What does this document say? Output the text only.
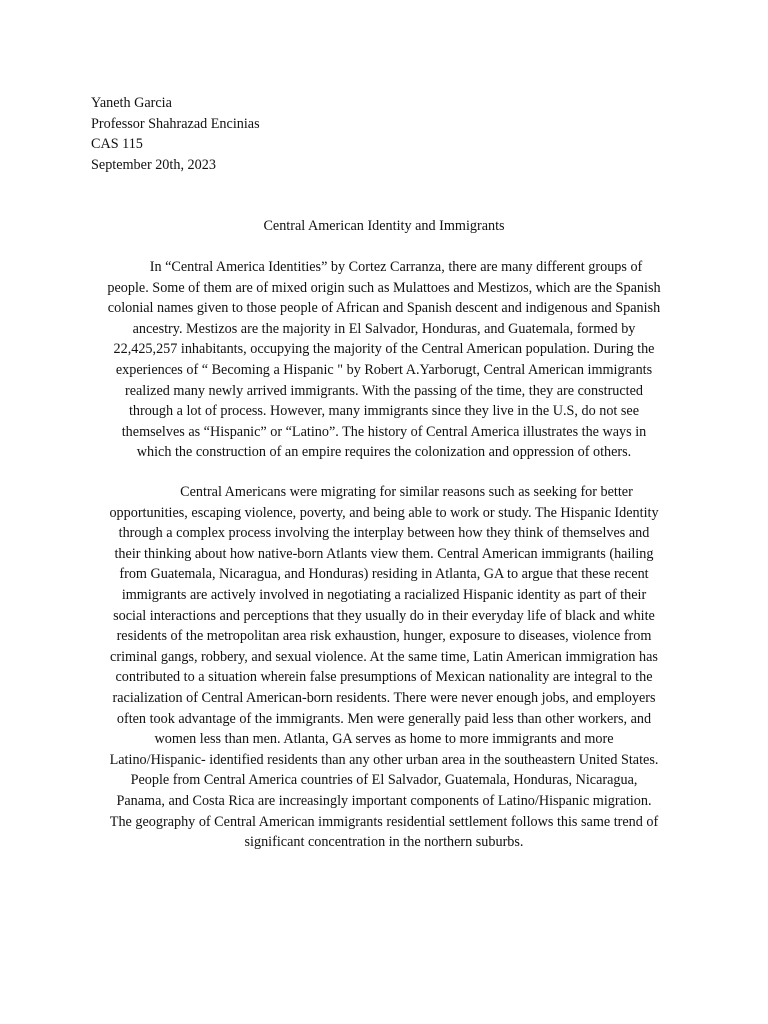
Yaneth Garcia
Professor Shahrazad Encinias
CAS 115
September 20th, 2023
Central American Identity and Immigrants
In “Central America Identities” by Cortez Carranza, there are many different groups of
people. Some of them are of mixed origin such as Mulattoes and Mestizos, which are the Spanish
colonial names given to those people of African and Spanish descent and indigenous and Spanish
ancestry. Mestizos are the majority in El Salvador, Honduras, and Guatemala, formed by
22,425,257 inhabitants, occupying the majority of the Central American population. During the
experiences of “ Becoming a Hispanic " by Robert A.Yarborugt, Central American immigrants
realized many newly arrived immigrants. With the passing of the time, they are constructed
through a lot of process. However, many immigrants since they live in the U.S, do not see
themselves as “Hispanic” or “Latino”. The history of Central America illustrates the ways in
which the construction of an empire requires the colonization and oppression of others.
Central Americans were migrating for similar reasons such as seeking for better
opportunities, escaping violence, poverty, and being able to work or study. The Hispanic Identity
through a complex process involving the interplay between how they think of themselves and
their thinking about how native-born Atlants view them. Central American immigrants (hailing
from Guatemala, Nicaragua, and Honduras) residing in Atlanta, GA to argue that these recent
immigrants are actively involved in negotiating a racialized Hispanic identity as part of their
social interactions and perceptions that they usually do in their everyday life of black and white
residents of the metropolitan area risk exhaustion, hunger, exposure to diseases, violence from
criminal gangs, robbery, and sexual violence. At the same time, Latin American immigration has
contributed to a situation wherein false presumptions of Mexican nationality are integral to the
racialization of Central American-born residents. There were never enough jobs, and employers
often took advantage of the immigrants. Men were generally paid less than other workers, and
women less than men. Atlanta, GA serves as home to more immigrants and more
Latino/Hispanic- identified residents than any other urban area in the southeastern United States.
People from Central America countries of El Salvador, Guatemala, Honduras, Nicaragua,
Panama, and Costa Rica are increasingly important components of Latino/Hispanic migration.
The geography of Central American immigrants residential settlement follows this same trend of
significant concentration in the northern suburbs.
